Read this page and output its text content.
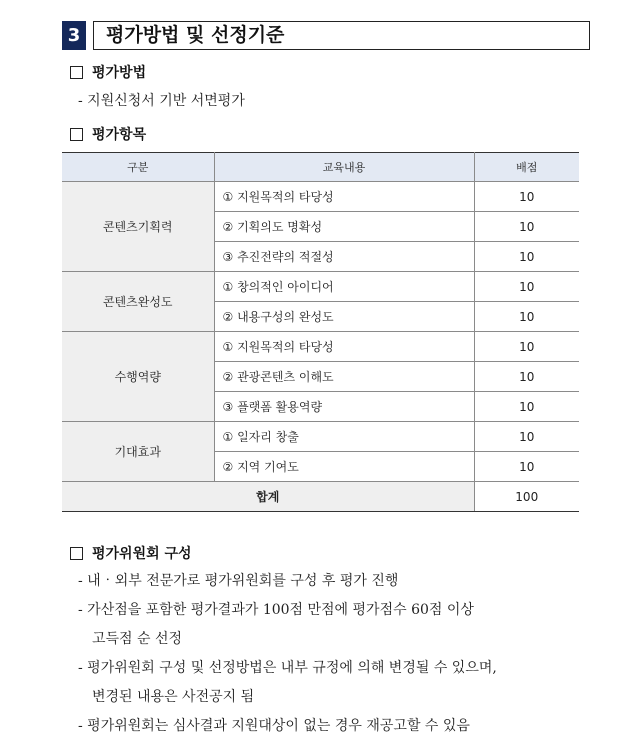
3	평가방법 및 선정기준
평가방법
- 지원신청서 기반 서면평가
평가항목
구분	교육내용	배점
콘텐츠기획력	① 지원목적의 타당성	10
	② 기획의도 명확성	10
	③ 추진전략의 적절성	10
콘텐츠완성도	① 창의적인 아이디어	10
	② 내용구성의 완성도	10
수행역량	① 지원목적의 타당성	10
	② 관광콘텐츠 이해도	10
	③ 플랫폼 활용역량	10
기대효과	① 일자리 창출	10
	② 지역 기여도	10
합계		100
평가위원회 구성
- 내‧외부 전문가로 평가위원회를 구성 후 평가 진행
- 가산점을 포함한 평가결과가 100점 만점에 평가점수 60점 이상
고득점 순 선정
- 평가위원회 구성 및 선정방법은 내부 규정에 의해 변경될 수 있으며,
변경된 내용은 사전공지 됨
- 평가위원회는 심사결과 지원대상이 없는 경우 재공고할 수 있음
